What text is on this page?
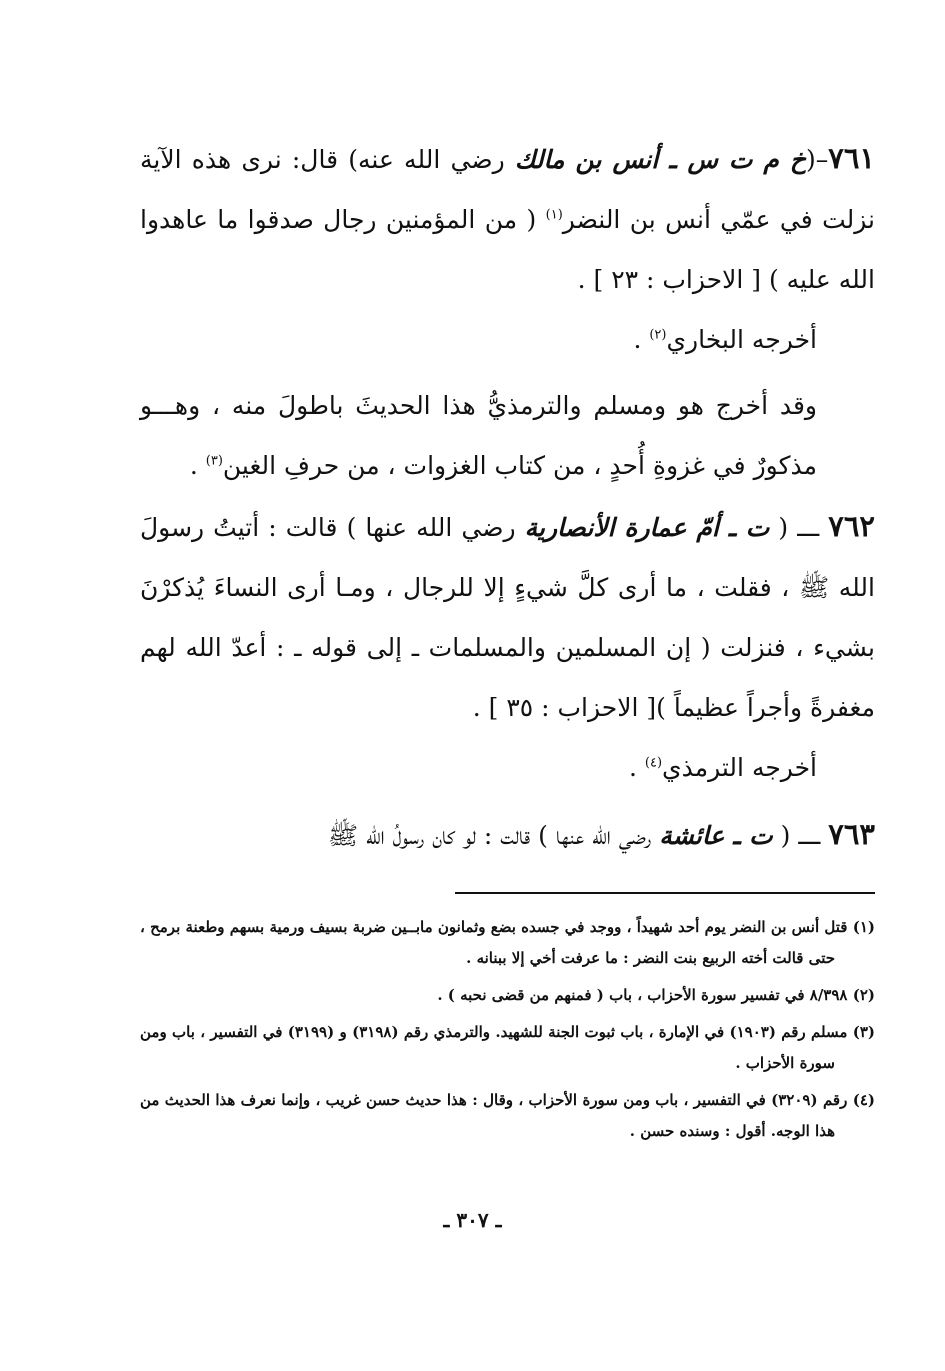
٧٦١–(خ م ت س ـ أنس بن مالك رضي الله عنه) قال: نرى هذه الآية نزلت في عمّي أنس بن النضر$^{(١)}$ ( من المؤمنين رجال صدقوا ما عاهدوا الله عليه ) [ الاحزاب : ٢٣ ] .

أخرجه البخاري$^{(٢)}$ .

وقد أخرج هو ومسلم والترمذيُّ هذا الحديثَ باطولَ منه ، وهـــو مذكورٌ في غزوةِ أُحدٍ ، من كتاب الغزوات ، من حرفِ الغين$^{(٣)}$ .

٧٦٢ ـــ ( ت ـ أمّ عمارة الأنصارية رضي الله عنها ) قالت : أتيتُ رسولَ الله ﷺ ، فقلت ، ما أرى كلَّ شيءٍ إلا للرجال ، ومـا أرى النساءَ يُذكرْنَ بشيء ، فنزلت ( إن المسلمين والمسلمات ـ إلى قوله ـ : أعدّ الله لهم مغفرةً وأجراً عظيماً )[ الاحزاب : ٣٥ ] .

أخرجه الترمذي$^{(٤)}$ .

٧٦٣ ـــ ( ت ـ عائشة رضي الله عنها ) قالت : لو كان رسولُ الله ﷺ

(١) قتل أنس بن النضر يوم أحد شهيداً ، ووجد في جسده بضع وثمانون مابــين ضربة بسيف ورمية بسهم وطعنة برمح ، حتى قالت أخته الربيع بنت النضر : ما عرفت أخي إلا ببنانه .

(٢) ٨/٣٩٨ في تفسير سورة الأحزاب ، باب ( فمنهم من قضى نحبه ) .

(٣) مسلم رقم (١٩٠٣) في الإمارة ، باب ثبوت الجنة للشهيد. والترمذي رقم (٣١٩٨) و (٣١٩٩) في التفسير ، باب ومن سورة الأحزاب .

(٤) رقم (٣٢٠٩) في التفسير ، باب ومن سورة الأحزاب ، وقال : هذا حديث حسن غريب ، وإنما نعرف هذا الحديث من هذا الوجه. أقول : وسنده حسن .

ـ ٣٠٧ ـ
